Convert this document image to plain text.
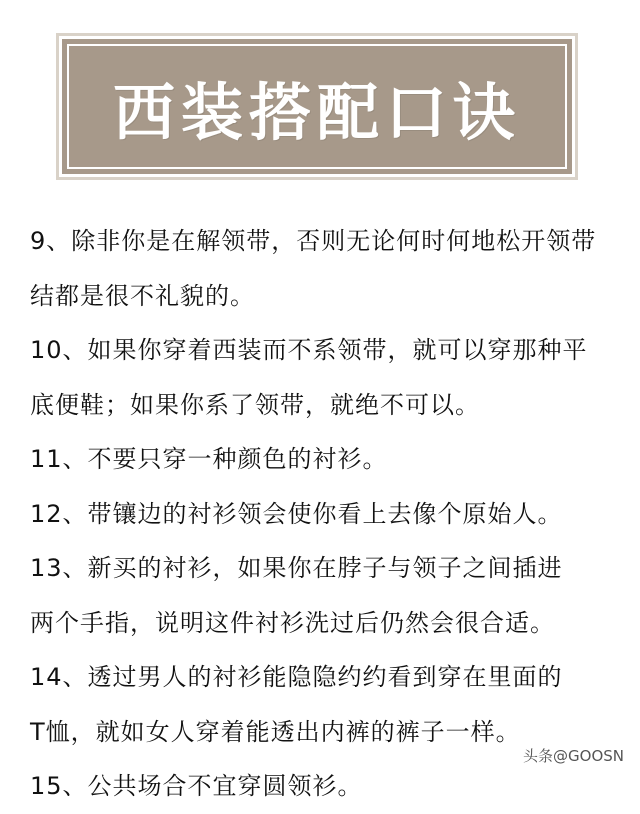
西装搭配口诀
9、除非你是在解领带，否则无论何时何地松开领带
结都是很不礼貌的。
10、如果你穿着西装而不系领带，就可以穿那种平
底便鞋；如果你系了领带，就绝不可以。
11、不要只穿一种颜色的衬衫。
12、带镶边的衬衫领会使你看上去像个原始人。
13、新买的衬衫，如果你在脖子与领子之间插进
两个手指，说明这件衬衫洗过后仍然会很合适。
14、透过男人的衬衫能隐隐约约看到穿在里面的
T恤，就如女人穿着能透出内裤的裤子一样。
15、公共场合不宜穿圆领衫。
头条@GOOSN
